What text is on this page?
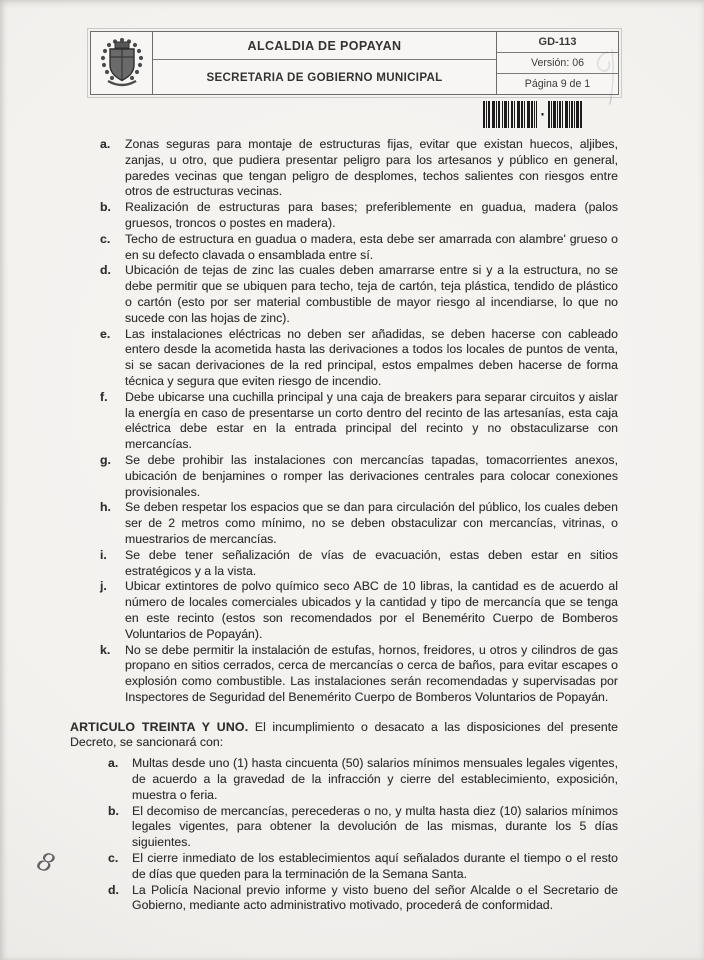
ALCALDIA DE POPAYAN
SECRETARIA DE GOBIERNO MUNICIPAL
GD-113
Versión: 06
Página 9 de 1
a. Zonas seguras para montaje de estructuras fijas, evitar que existan huecos, aljibes, zanjas, u otro, que pudiera presentar peligro para los artesanos y público en general, paredes vecinas que tengan peligro de desplomes, techos salientes con riesgos entre otros de estructuras vecinas.
b. Realización de estructuras para bases; preferiblemente en guadua, madera (palos gruesos, troncos o postes en madera).
c. Techo de estructura en guadua o madera, esta debe ser amarrada con alambre' grueso o en su defecto clavada o ensamblada entre sí.
d. Ubicación de tejas de zinc las cuales deben amarrarse entre si y a la estructura, no se debe permitir que se ubiquen para techo, teja de cartón, teja plástica, tendido de plástico o cartón (esto por ser material combustible de mayor riesgo al incendiarse, lo que no sucede con las hojas de zinc).
e. Las instalaciones eléctricas no deben ser añadidas, se deben hacerse con cableado entero desde la acometida hasta las derivaciones a todos los locales de puntos de venta, si se sacan derivaciones de la red principal, estos empalmes deben hacerse de forma técnica y segura que eviten riesgo de incendio.
f. Debe ubicarse una cuchilla principal y una caja de breakers para separar circuitos y aislar la energía en caso de presentarse un corto dentro del recinto de las artesanías, esta caja eléctrica debe estar en la entrada principal del recinto y no obstaculizarse con mercancías.
g. Se debe prohibir las instalaciones con mercancías tapadas, tomacorrientes anexos, ubicación de benjamines o romper las derivaciones centrales para colocar conexiones provisionales.
h. Se deben respetar los espacios que se dan para circulación del público, los cuales deben ser de 2 metros como mínimo, no se deben obstaculizar con mercancías, vitrinas, o muestrarios de mercancías.
i. Se debe tener señalización de vías de evacuación, estas deben estar en sitios estratégicos y a la vista.
j. Ubicar extintores de polvo químico seco ABC de 10 libras, la cantidad es de acuerdo al número de locales comerciales ubicados y la cantidad y tipo de mercancía que se tenga en este recinto (estos son recomendados por el Benemérito Cuerpo de Bomberos Voluntarios de Popayán).
k. No se debe permitir la instalación de estufas, hornos, freidores, u otros y cilindros de gas propano en sitios cerrados, cerca de mercancías o cerca de baños, para evitar escapes o explosión como combustible. Las instalaciones serán recomendadas y supervisadas por Inspectores de Seguridad del Benemérito Cuerpo de Bomberos Voluntarios de Popayán.

ARTICULO TREINTA Y UNO. El incumplimiento o desacato a las disposiciones del presente Decreto, se sancionará con:

a. Multas desde uno (1) hasta cincuenta (50) salarios mínimos mensuales legales vigentes, de acuerdo a la gravedad de la infracción y cierre del establecimiento, exposición, muestra o feria.
b. El decomiso de mercancías, perecederas o no, y multa hasta diez (10) salarios mínimos legales vigentes, para obtener la devolución de las mismas, durante los 5 días siguientes.
c. El cierre inmediato de los establecimientos aquí señalados durante el tiempo o el resto de días que queden para la terminación de la Semana Santa.
d. La Policía Nacional previo informe y visto bueno del señor Alcalde o el Secretario de Gobierno, mediante acto administrativo motivado, procederá de conformidad.
8
